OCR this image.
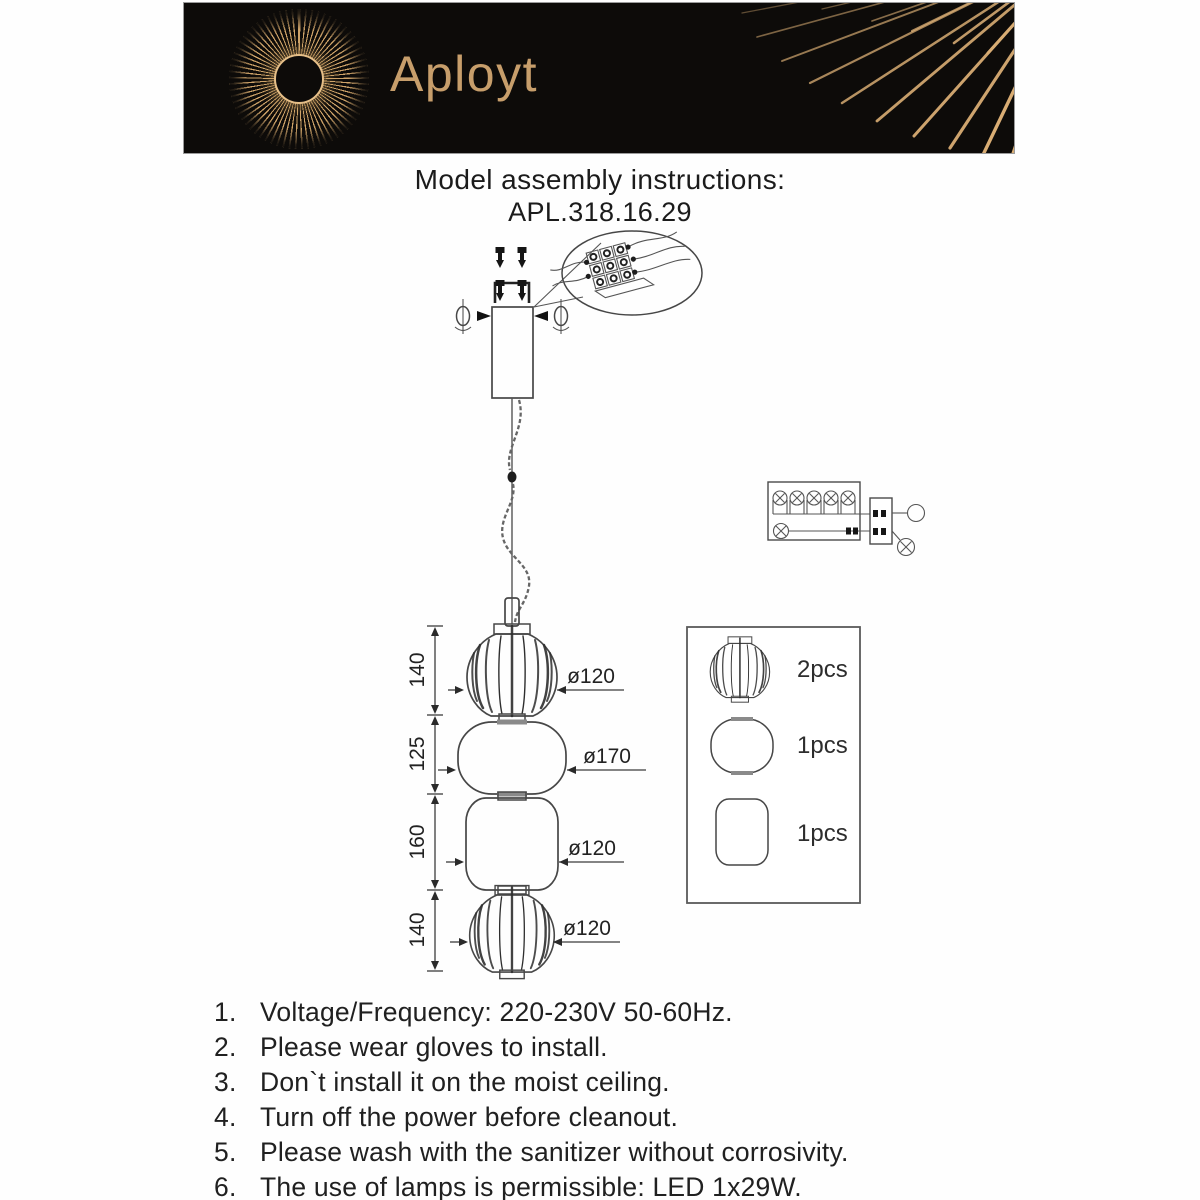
Aployt
Model assembly instructions:
APL.318.16.29
140
125
160
140
ø120
ø170
ø120
ø120
2pcs
1pcs
1pcs
1. Voltage/Frequency: 220-230V 50-60Hz.
2. Please wear gloves to install.
3. Don`t install it on the moist ceiling.
4. Turn off the power before cleanout.
5. Please wash with the sanitizer without corrosivity.
6. The use of lamps is permissible: LED 1x29W.
